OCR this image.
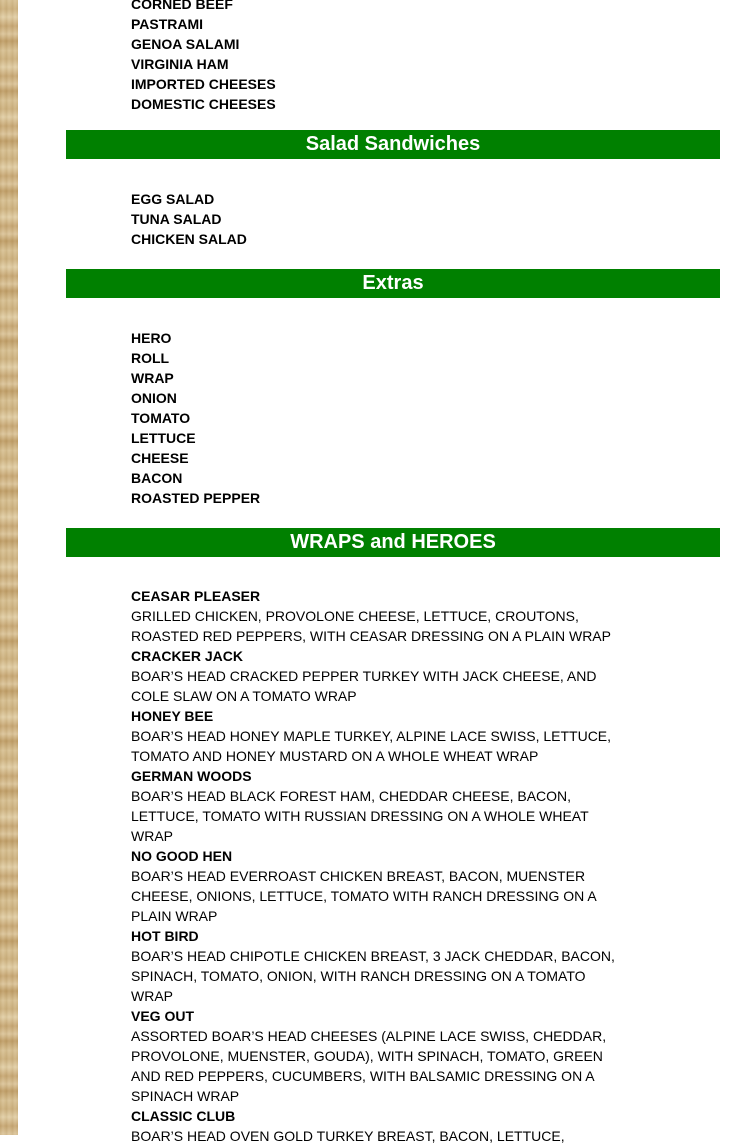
CORNED BEEF
PASTRAMI
GENOA SALAMI
VIRGINIA HAM
IMPORTED CHEESES
DOMESTIC CHEESES
Salad Sandwiches
EGG SALAD
TUNA SALAD
CHICKEN SALAD
Extras
HERO
ROLL
WRAP
ONION
TOMATO
LETTUCE
CHEESE
BACON
ROASTED PEPPER
WRAPS and HEROES
CEASAR PLEASER
GRILLED CHICKEN, PROVOLONE CHEESE, LETTUCE, CROUTONS, ROASTED RED PEPPERS, WITH CEASAR DRESSING ON A PLAIN WRAP
CRACKER JACK
BOAR’S HEAD CRACKED PEPPER TURKEY WITH JACK CHEESE, AND COLE SLAW ON A TOMATO WRAP
HONEY BEE
BOAR’S HEAD HONEY MAPLE TURKEY, ALPINE LACE SWISS, LETTUCE, TOMATO AND HONEY MUSTARD ON A WHOLE WHEAT WRAP
GERMAN WOODS
BOAR’S HEAD BLACK FOREST HAM, CHEDDAR CHEESE, BACON, LETTUCE, TOMATO WITH RUSSIAN DRESSING ON A WHOLE WHEAT WRAP
NO GOOD HEN
BOAR’S HEAD EVERROAST CHICKEN BREAST, BACON, MUENSTER CHEESE, ONIONS, LETTUCE, TOMATO WITH RANCH DRESSING ON A PLAIN WRAP
HOT BIRD
BOAR’S HEAD CHIPOTLE CHICKEN BREAST, 3 JACK CHEDDAR, BACON, SPINACH, TOMATO, ONION, WITH RANCH DRESSING ON A TOMATO WRAP
VEG OUT
ASSORTED BOAR’S HEAD CHEESES (ALPINE LACE SWISS, CHEDDAR, PROVOLONE, MUENSTER, GOUDA), WITH SPINACH, TOMATO, GREEN AND RED PEPPERS, CUCUMBERS, WITH BALSAMIC DRESSING ON A SPINACH WRAP
CLASSIC CLUB
BOAR’S HEAD OVEN GOLD TURKEY BREAST, BACON, LETTUCE,
